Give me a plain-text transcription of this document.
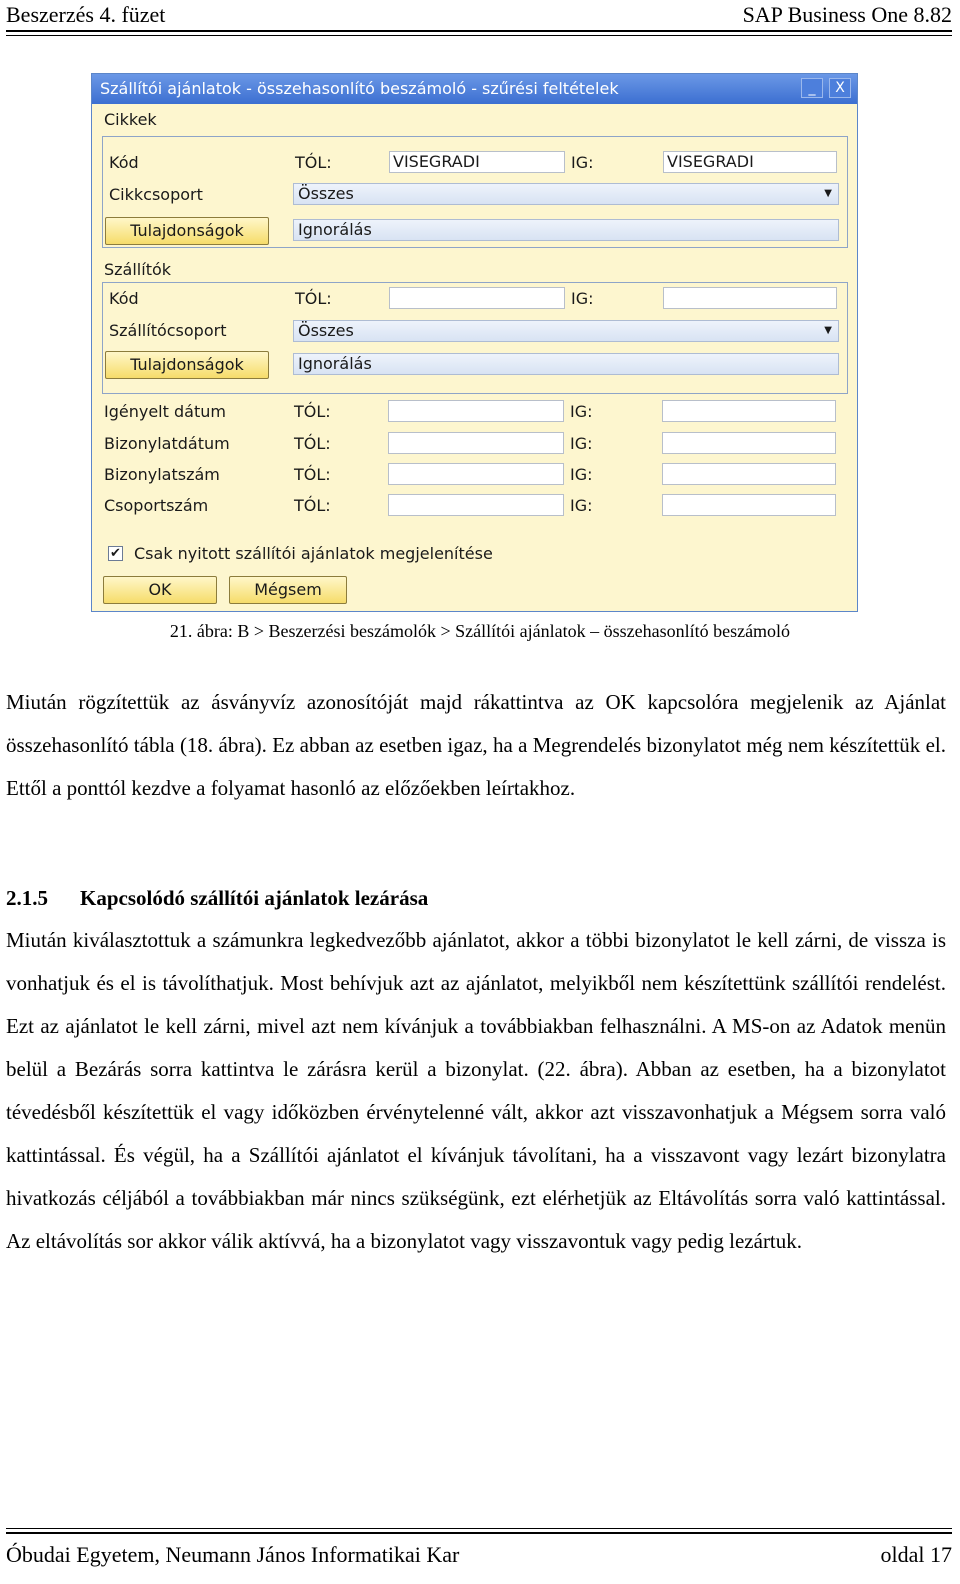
Beszerzés 4. füzet	SAP Business One 8.82
Szállítói ajánlatok - összehasonlító beszámoló - szűrési feltételek	_	X
Cikkek
Kód	TÓL:	VISEGRADI	IG:	VISEGRADI
Cikkcsoport	Összes	▼
Tulajdonságok	Ignorálás
Szállítók
Kód	TÓL:	IG:
Szállítócsoport	Összes	▼
Tulajdonságok	Ignorálás
Igényelt dátum	TÓL:	IG:
Bizonylatdátum	TÓL:	IG:
Bizonylatszám	TÓL:	IG:
Csoportszám	TÓL:	IG:
✔ Csak nyitott szállítói ajánlatok megjelenítése
OK	Mégsem
21. ábra: B > Beszerzési beszámolók > Szállítói ajánlatok – összehasonlító beszámoló

Miután rögzítettük az ásványvíz azonosítóját majd rákattintva az OK kapcsolóra megjelenik az Ajánlat összehasonlító tábla (18. ábra). Ez abban az esetben igaz, ha a Megrendelés bizonylatot még nem készítettük el. Ettől a ponttól kezdve a folyamat hasonló az előzőekben leírtakhoz.

2.1.5 Kapcsolódó szállítói ajánlatok lezárása

Miután kiválasztottuk a számunkra legkedvezőbb ajánlatot, akkor a többi bizonylatot le kell zárni, de vissza is vonhatjuk és el is távolíthatjuk. Most behívjuk azt az ajánlatot, melyikből nem készítettünk szállítói rendelést. Ezt az ajánlatot le kell zárni, mivel azt nem kívánjuk a továbbiakban felhasználni. A MS-on az Adatok menün belül a Bezárás sorra kattintva le zárásra kerül a bizonylat. (22. ábra). Abban az esetben, ha a bizonylatot tévedésből készítettük el vagy időközben érvénytelenné vált, akkor azt visszavonhatjuk a Mégsem sorra való kattintással. És végül, ha a Szállítói ajánlatot el kívánjuk távolítani, ha a visszavont vagy lezárt bizonylatra hivatkozás céljából a továbbiakban már nincs szükségünk, ezt elérhetjük az Eltávolítás sorra való kattintással. Az eltávolítás sor akkor válik aktívvá, ha a bizonylatot vagy visszavontuk vagy pedig lezártuk.

Óbudai Egyetem, Neumann János Informatikai Kar	oldal 17
